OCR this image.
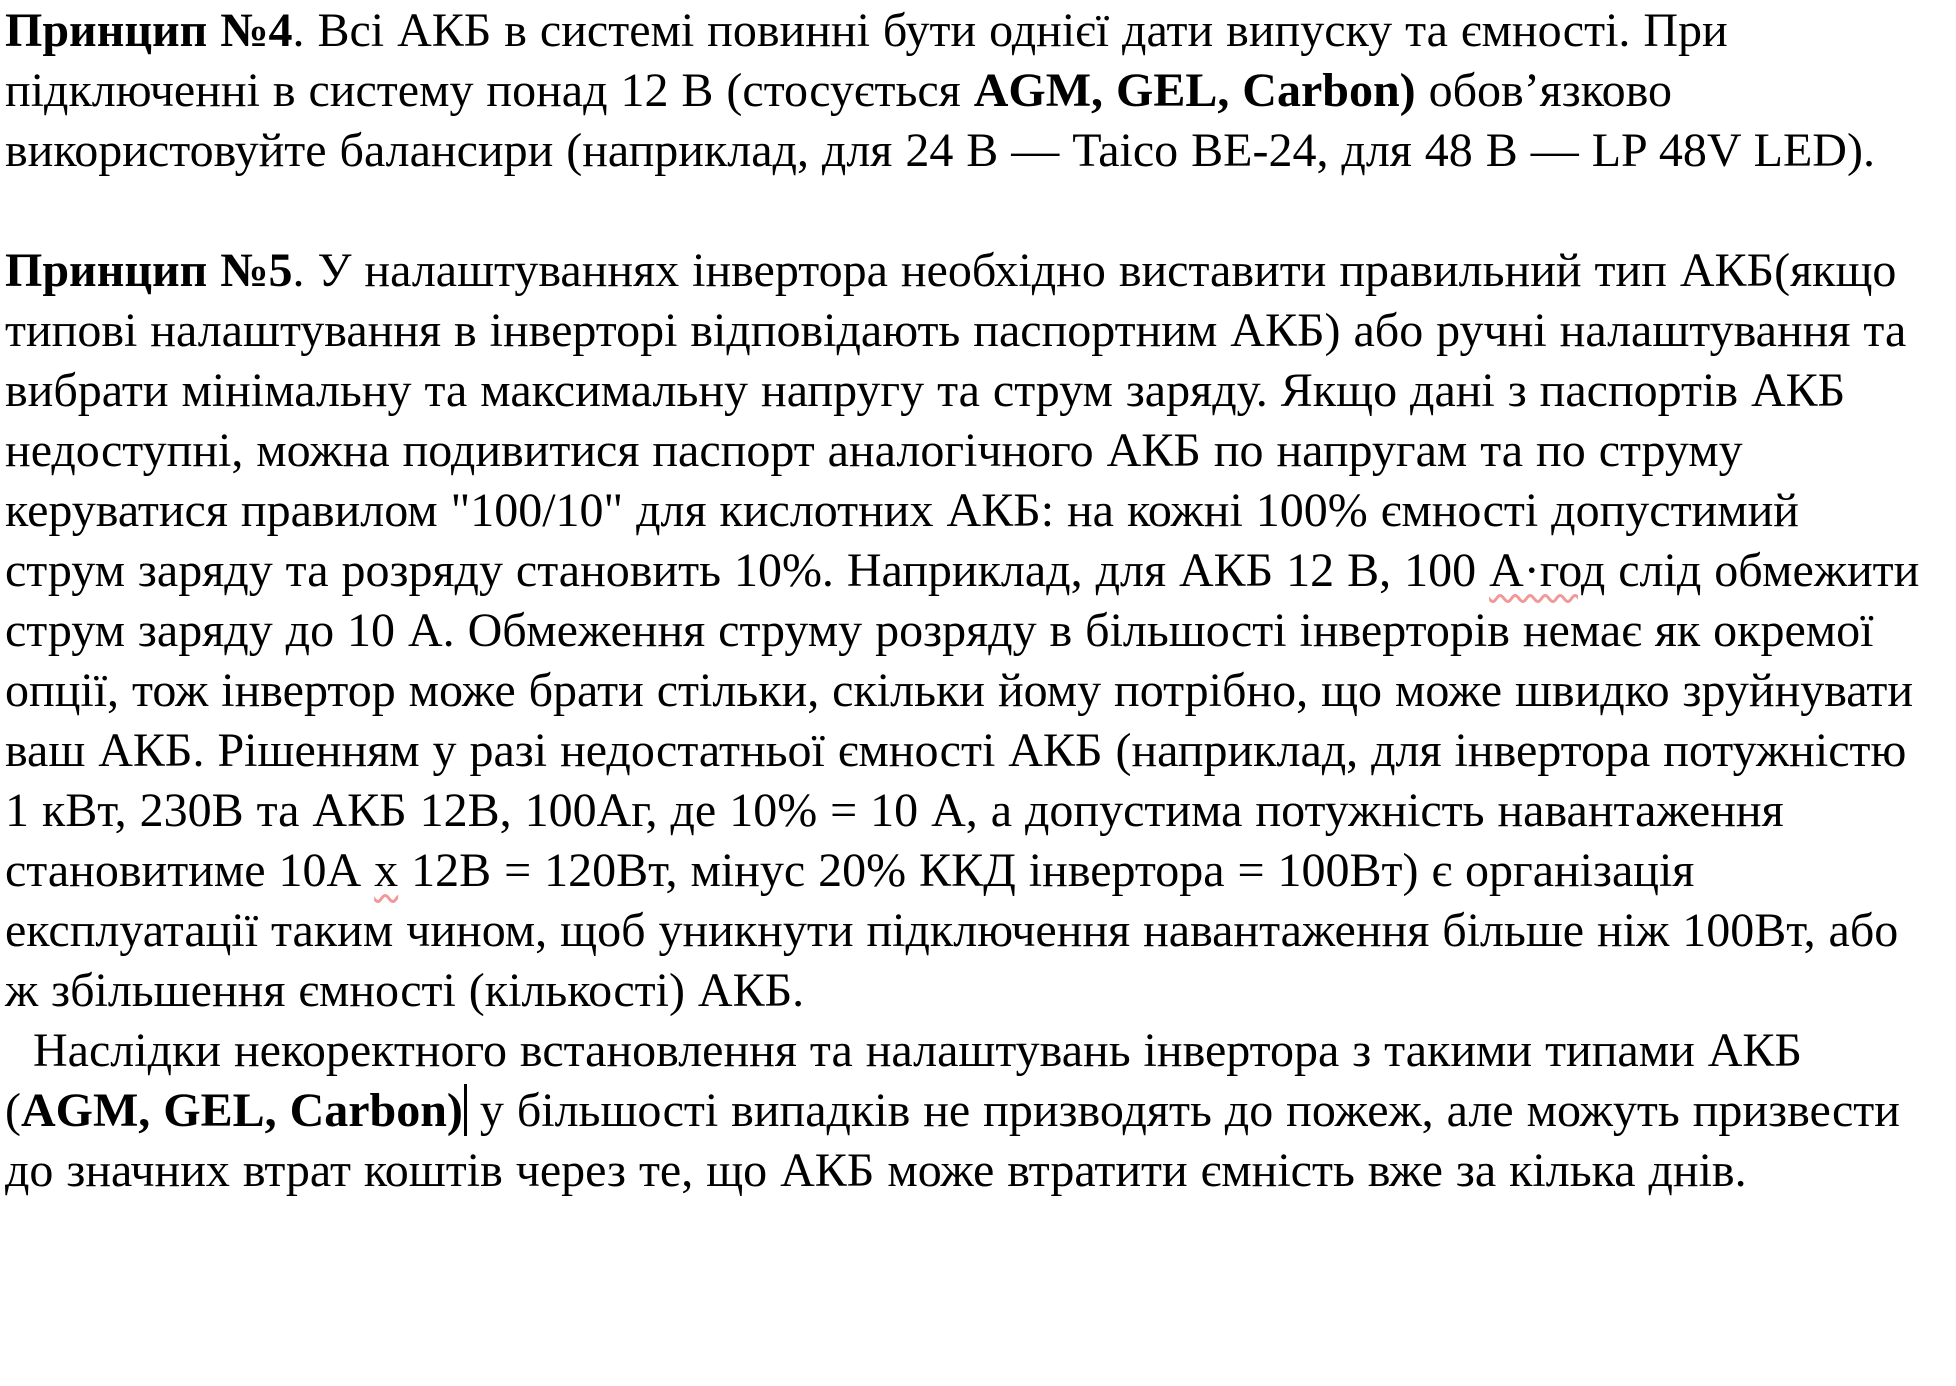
Принцип №4. Всі АКБ в системі повинні бути однієї дати випуску та ємності. При підключенні в систему понад 12 В (стосується AGM, GEL, Carbon) обов’язково використовуйте балансири (наприклад, для 24 В — Taico BE-24, для 48 В — LP 48V LED).

Принцип №5. У налаштуваннях інвертора необхідно виставити правильний тип АКБ(якщо типові налаштування в інверторі відповідають паспортним АКБ) або ручні налаштування та вибрати мінімальну та максимальну напругу та струм заряду. Якщо дані з паспортів АКБ недоступні, можна подивитися паспорт аналогічного АКБ по напругам та по струму керуватися правилом "100/10" для кислотних АКБ: на кожні 100% ємності допустимий струм заряду та розряду становить 10%. Наприклад, для АКБ 12 В, 100 А·год слід обмежити струм заряду до 10 А. Обмеження струму розряду в більшості інверторів немає як окремої опції, тож інвертор може брати стільки, скільки йому потрібно, що може швидко зруйнувати ваш АКБ. Рішенням у разі недостатньої ємності АКБ (наприклад, для інвертора потужністю 1 кВт, 230В та АКБ 12В, 100Аг, де 10% = 10 А, а допустима потужність навантаження становитиме 10А х 12В = 120Вт, мінус 20% ККД інвертора = 100Вт) є організація експлуатації таким чином, щоб уникнути підключення навантаження більше ніж 100Вт, або ж збільшення ємності (кількості) АКБ.

Наслідки некоректного встановлення та налаштувань інвертора з такими типами АКБ (AGM, GEL, Carbon) у більшості випадків не призводять до пожеж, але можуть призвести до значних втрат коштів через те, що АКБ може втратити ємність вже за кілька днів.
